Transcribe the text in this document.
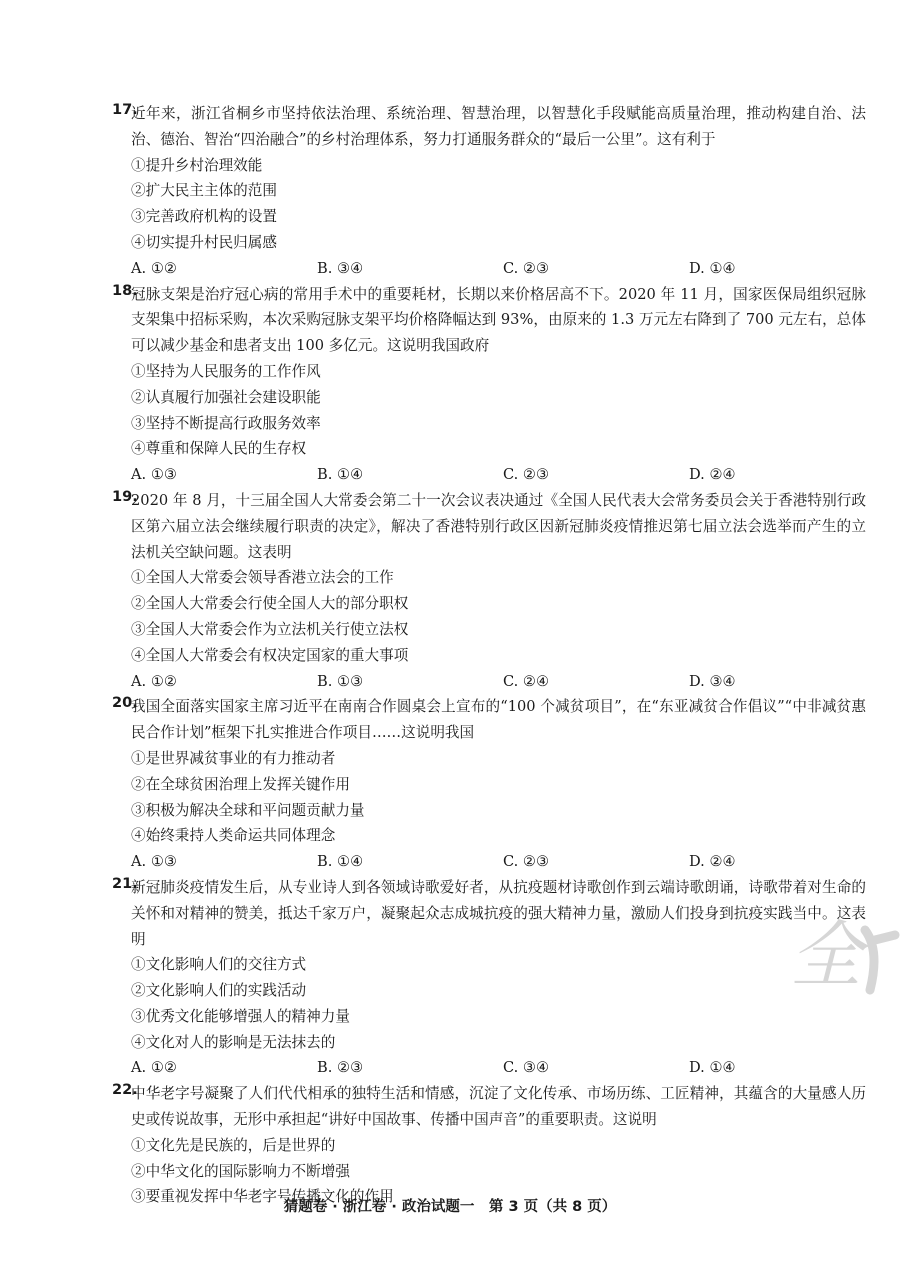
17.

近年来，浙江省桐乡市坚持依法治理、系统治理、智慧治理，以智慧化手段赋能高质量治理，推动构建自治、法治、德治、智治“四治融合”的乡村治理体系，努力打通服务群众的“最后一公里”。这有利于

①提升乡村治理效能

②扩大民主主体的范围

③完善政府机构的设置

④切实提升村民归属感

A. ①②	B. ③④	C. ②③	D. ①④
18.

冠脉支架是治疗冠心病的常用手术中的重要耗材，长期以来价格居高不下。2020 年 11 月，国家医保局组织冠脉支架集中招标采购，本次采购冠脉支架平均价格降幅达到 93%，由原来的 1.3 万元左右降到了 700 元左右，总体可以减少基金和患者支出 100 多亿元。这说明我国政府

①坚持为人民服务的工作作风

②认真履行加强社会建设职能

③坚持不断提高行政服务效率

④尊重和保障人民的生存权

A. ①③	B. ①④	C. ②③	D. ②④
19.

2020 年 8 月，十三届全国人大常委会第二十一次会议表决通过《全国人民代表大会常务委员会关于香港特别行政区第六届立法会继续履行职责的决定》，解决了香港特别行政区因新冠肺炎疫情推迟第七届立法会选举而产生的立法机关空缺问题。这表明

①全国人大常委会领导香港立法会的工作

②全国人大常委会行使全国人大的部分职权

③全国人大常委会作为立法机关行使立法权

④全国人大常委会有权决定国家的重大事项

A. ①②	B. ①③	C. ②④	D. ③④
20.

我国全面落实国家主席习近平在南南合作圆桌会上宣布的“100 个减贫项目”，在“东亚减贫合作倡议”“中非减贫惠民合作计划”框架下扎实推进合作项目……这说明我国

①是世界减贫事业的有力推动者

②在全球贫困治理上发挥关键作用

③积极为解决全球和平问题贡献力量

④始终秉持人类命运共同体理念

A. ①③	B. ①④	C. ②③	D. ②④
21.

新冠肺炎疫情发生后，从专业诗人到各领域诗歌爱好者，从抗疫题材诗歌创作到云端诗歌朗诵，诗歌带着对生命的关怀和对精神的赞美，抵达千家万户，凝聚起众志成城抗疫的强大精神力量，激励人们投身到抗疫实践当中。这表明

①文化影响人们的交往方式

②文化影响人们的实践活动

③优秀文化能够增强人的精神力量

④文化对人的影响是无法抹去的

A. ①②	B. ②③	C. ③④	D. ①④
22.

中华老字号凝聚了人们代代相承的独特生活和情感，沉淀了文化传承、市场历练、工匠精神，其蕴含的大量感人历史或传说故事，无形中承担起“讲好中国故事、传播中国声音”的重要职责。这说明

①文化先是民族的，后是世界的

②中华文化的国际影响力不断增强

③要重视发挥中华老字号传播文化的作用

全
猜题卷 · 浙江卷 · 政治试题一　第 3 页（共 8 页）
